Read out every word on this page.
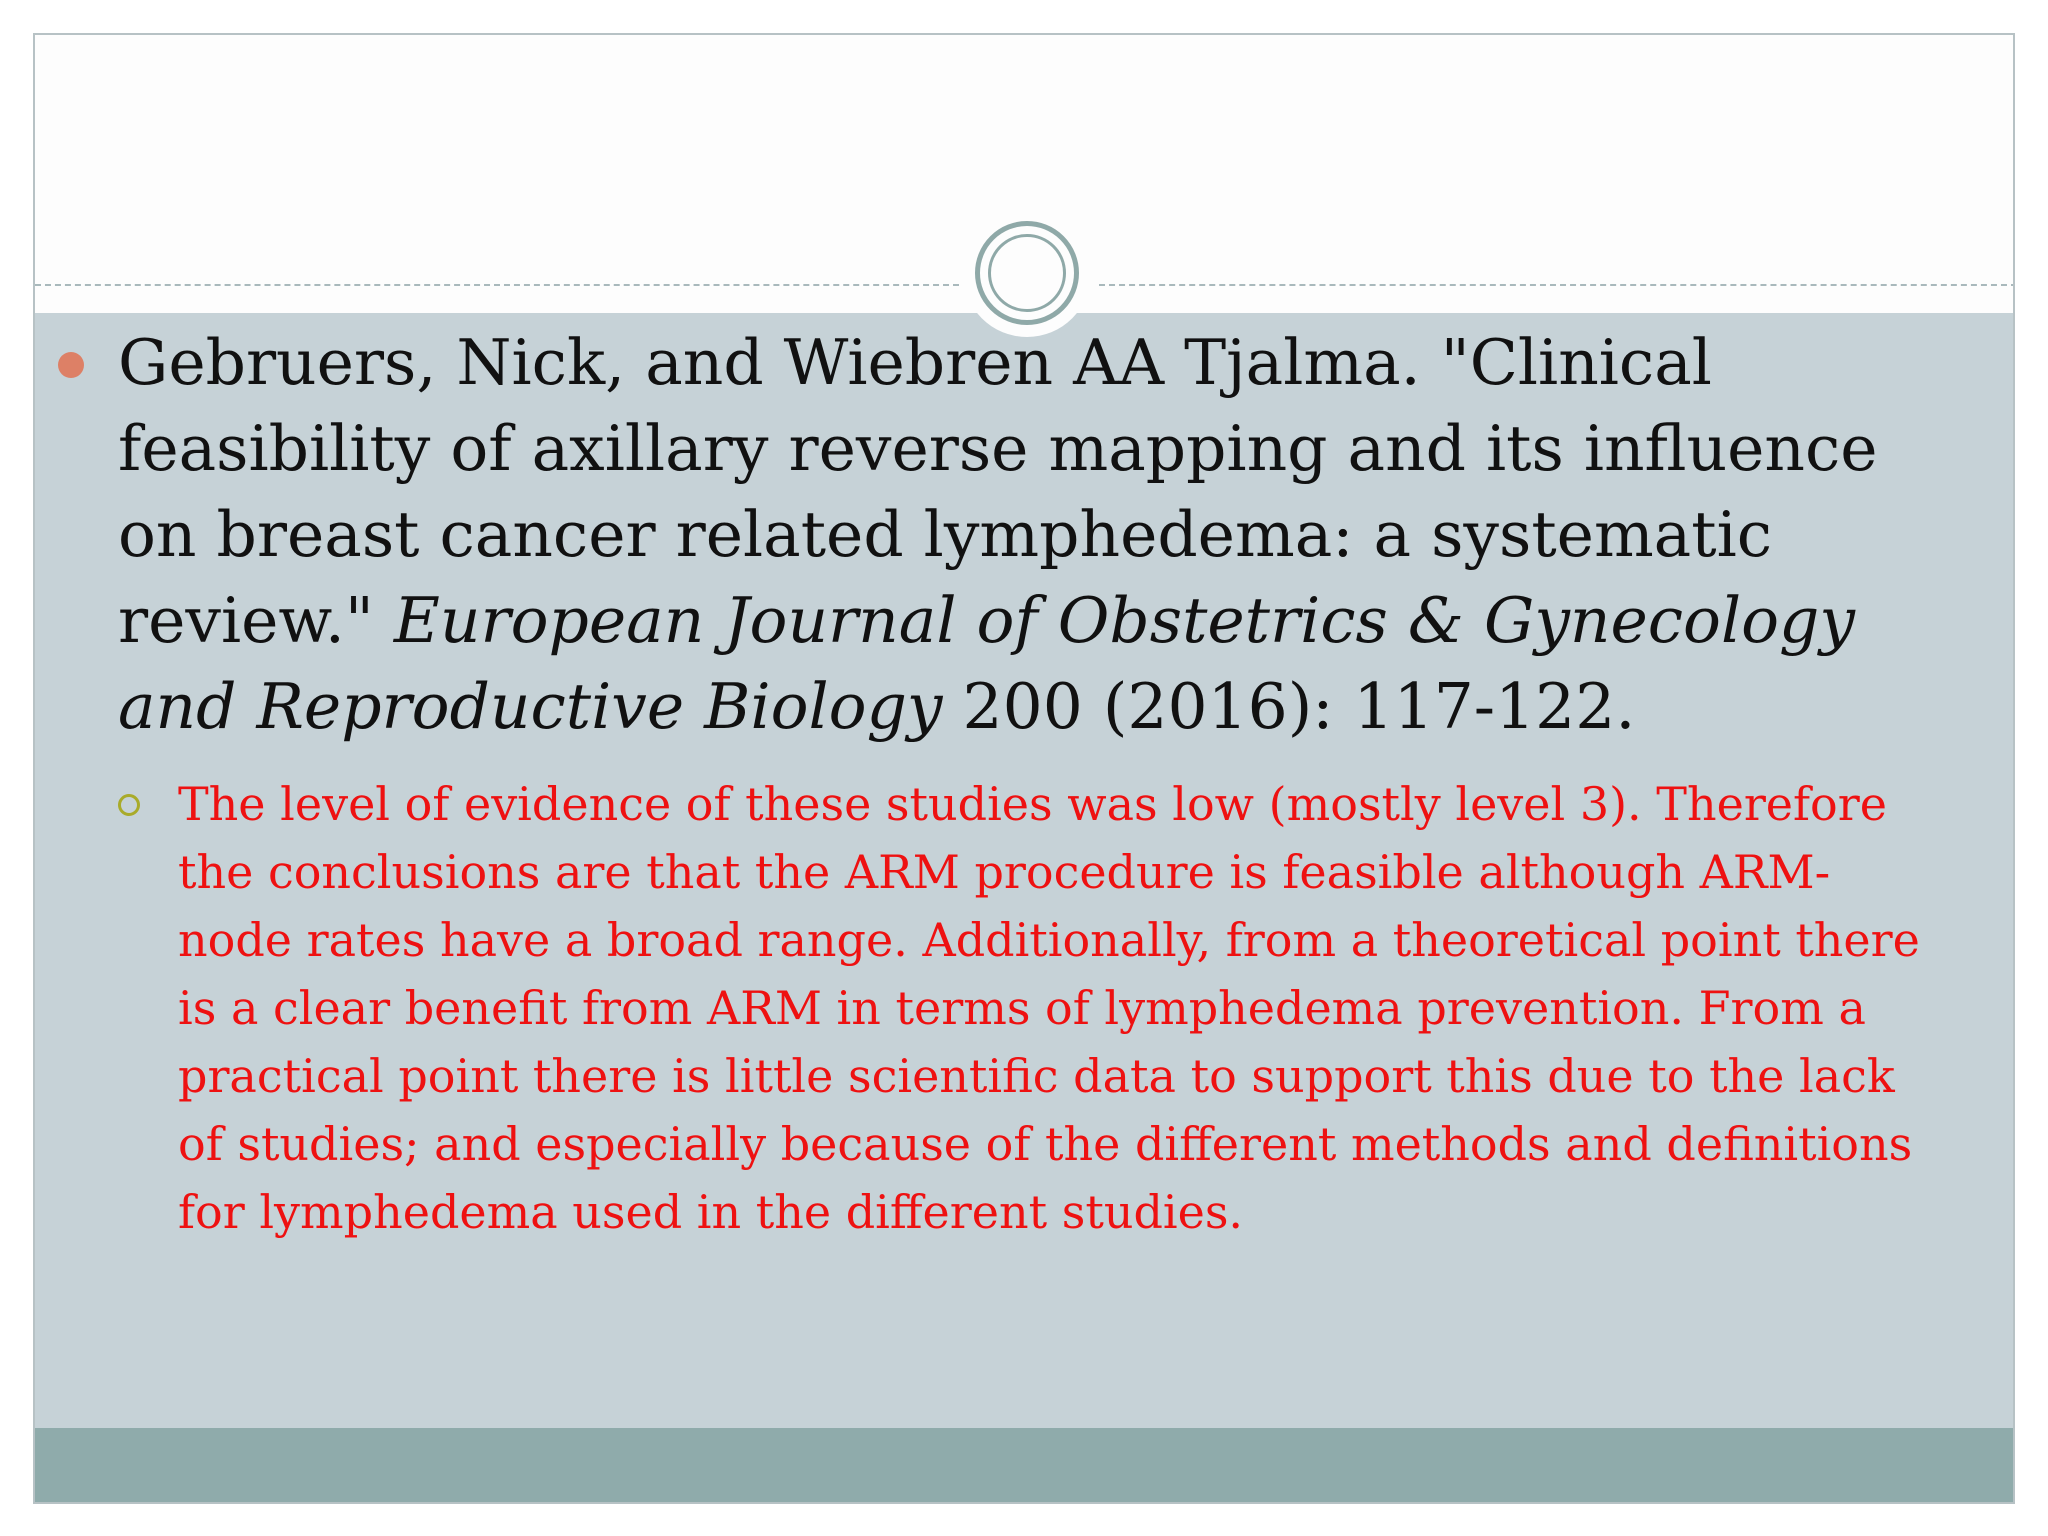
Gebruers, Nick, and Wiebren AA Tjalma. "Clinical feasibility of axillary reverse mapping and its influence on breast cancer related lymphedema: a systematic review." European Journal of Obstetrics & Gynecology and Reproductive Biology 200 (2016): 117-122.
The level of evidence of these studies was low (mostly level 3). Therefore the conclusions are that the ARM procedure is feasible although ARM-node rates have a broad range. Additionally, from a theoretical point there is a clear benefit from ARM in terms of lymphedema prevention. From a practical point there is little scientific data to support this due to the lack of studies; and especially because of the different methods and definitions for lymphedema used in the different studies.
